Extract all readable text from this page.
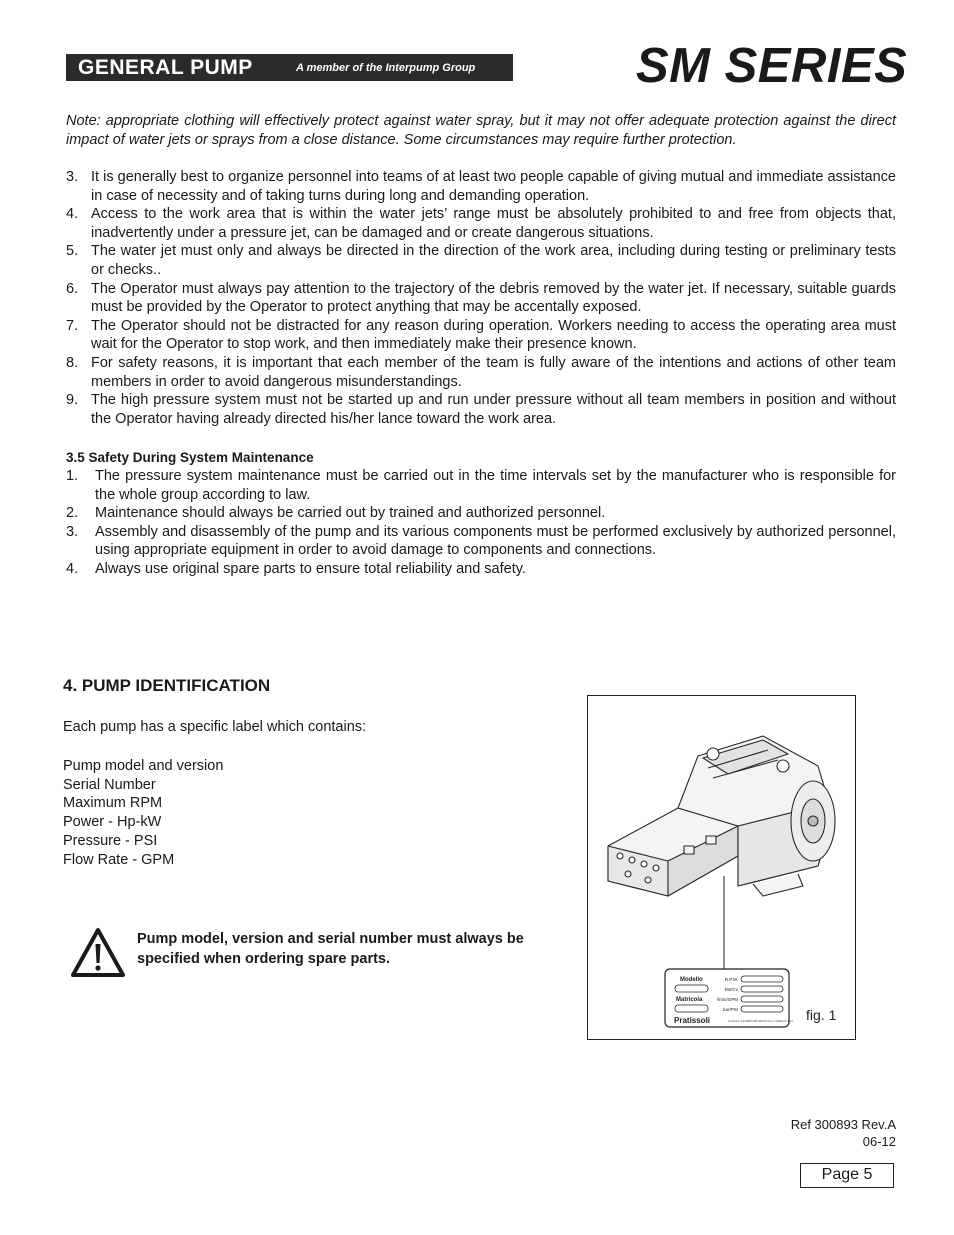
GENERAL PUMP	A member of the Interpump Group	SM SERIES
Note: appropriate clothing will effectively protect against water spray, but it may not offer adequate protection against the direct impact of water jets or sprays from a close distance. Some circumstances may require further protection.
3. It is generally best to organize personnel into teams of at least two people capable of giving mutual and immediate assistance in case of necessity and of taking turns during long and demanding operation.
4. Access to the work area that is within the water jets’ range must be absolutely prohibited to and free from objects that, inadvertently under a pressure jet, can be damaged and or create dangerous situations.
5. The water jet must only and always be directed in the direction of the work area, including during testing or preliminary tests or checks..
6. The Operator must always pay attention to the trajectory of the debris removed by the water jet. If necessary, suitable guards must be provided by the Operator to protect anything that may be accentally exposed.
7. The Operator should not be distracted for any reason during operation. Workers needing to access the operating area must wait for the Operator to stop work, and then immediately make their presence known.
8. For safety reasons, it is important that each member of the team is fully aware of the intentions and actions of other team members in order to avoid dangerous misunderstandings.
9. The high pressure system must not be started up and run under pressure without all team members in position and without the Operator having already directed his/her lance toward the work area.
3.5 Safety During System Maintenance
1. The pressure system maintenance must be carried out in the time intervals set by the manufacturer who is responsible for the whole group according to law.
2. Maintenance should always be carried out by trained and authorized personnel.
3. Assembly and disassembly of the pump and its various components must be performed exclusively by authorized personnel, using appropriate equipment in order to avoid damage to components and connections.
4. Always use original spare parts to ensure total reliability and safety.
4. PUMP IDENTIFICATION
Each pump has a specific label which contains:
Pump model and version
Serial Number
Maximum RPM
Power - Hp-kW
Pressure - PSI
Flow Rate - GPM
Pump model, version and serial number must always be specified when ordering spare parts.
Modello
Matricola
R.P.M.
kW/Cv
l/min/GPM
bar/PSI
Pratissoli	A member of INTERPUMP GROUP S.p.A. MADE IN ITALY fig. 1
Ref 300893 Rev.A
06-12
Page 5
